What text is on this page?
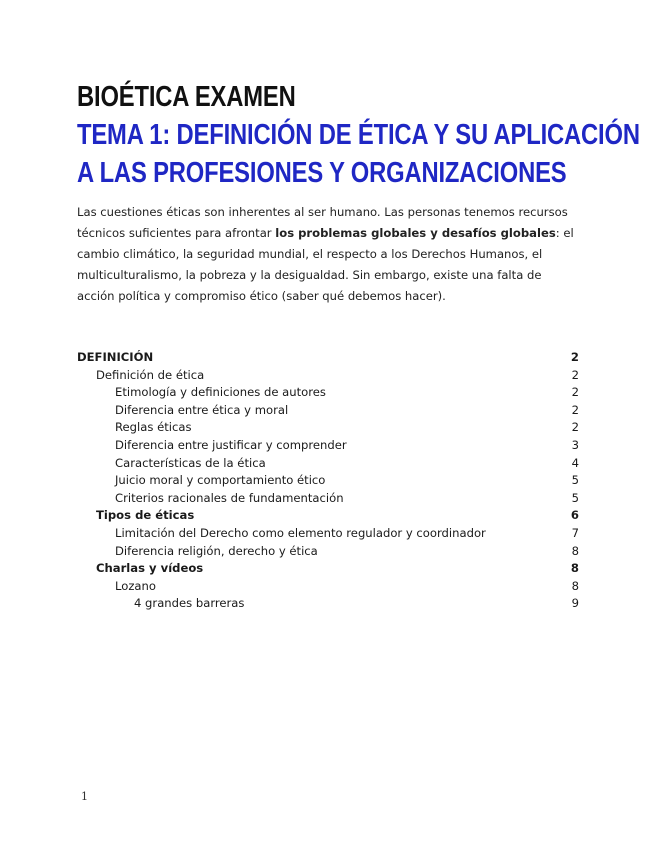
BIOÉTICA EXAMEN
TEMA 1: DEFINICIÓN DE ÉTICA Y SU APLICACIÓN
A LAS PROFESIONES Y ORGANIZACIONES

Las cuestiones éticas son inherentes al ser humano. Las personas tenemos recursos técnicos suficientes para afrontar los problemas globales y desafíos globales: el cambio climático, la seguridad mundial, el respecto a los Derechos Humanos, el multiculturalismo, la pobreza y la desigualdad. Sin embargo, existe una falta de acción política y compromiso ético (saber qué debemos hacer).

DEFINICIÓN	2
Definición de ética	2
Etimología y definiciones de autores	2
Diferencia entre ética y moral	2
Reglas éticas	2
Diferencia entre justificar y comprender	3
Características de la ética	4
Juicio moral y comportamiento ético	5
Criterios racionales de fundamentación	5
Tipos de éticas	6
Limitación del Derecho como elemento regulador y coordinador	7
Diferencia religión, derecho y ética	8
Charlas y vídeos	8
Lozano	8
4 grandes barreras	9
1
